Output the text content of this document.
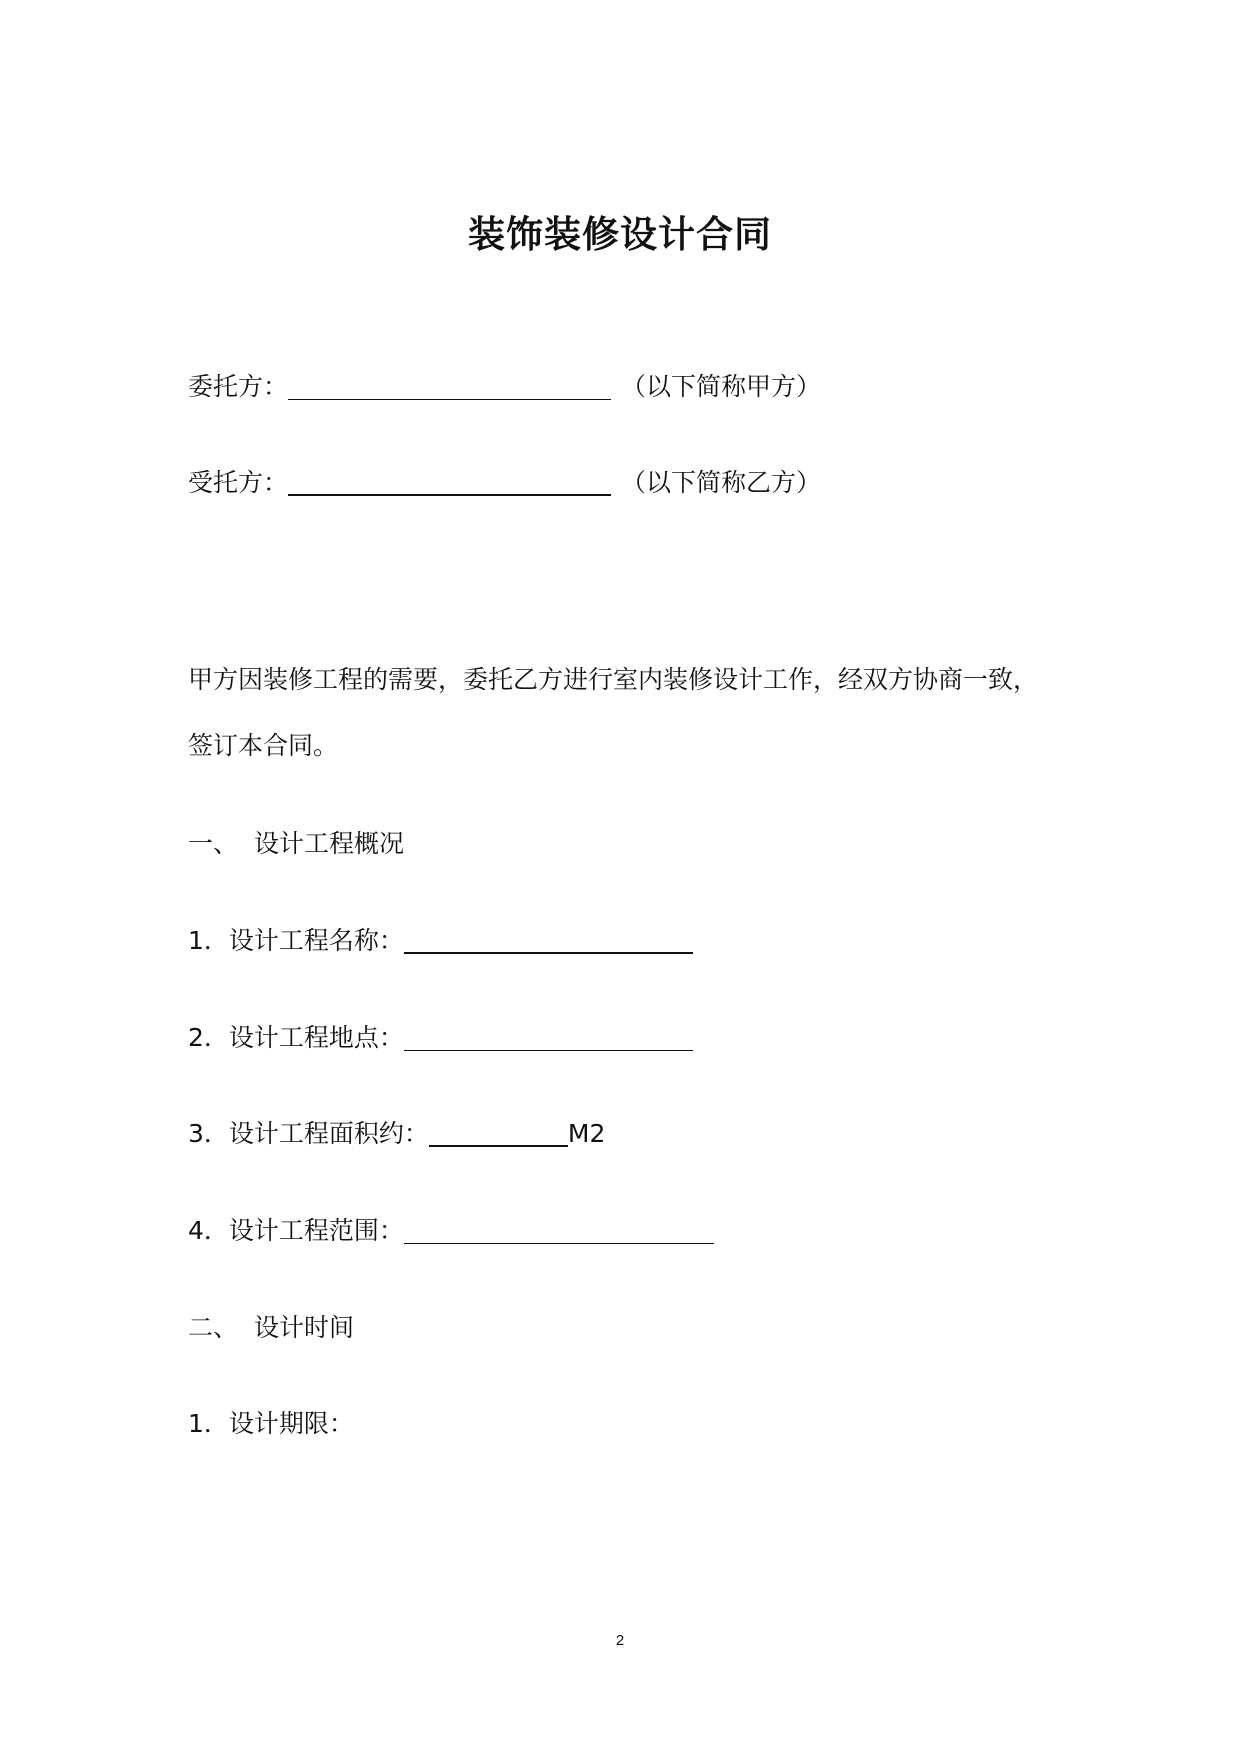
装饰装修设计合同
委托方：	（以下简称甲方）
受托方：	（以下简称乙方）
甲方因装修工程的需要，委托乙方进行室内装修设计工作，经双方协商一致，
签订本合同。
一、 设计工程概况
1．设计工程名称：
2．设计工程地点：
3．设计工程面积约：	M2
4．设计工程范围：
二、 设计时间
1．设计期限：
2
